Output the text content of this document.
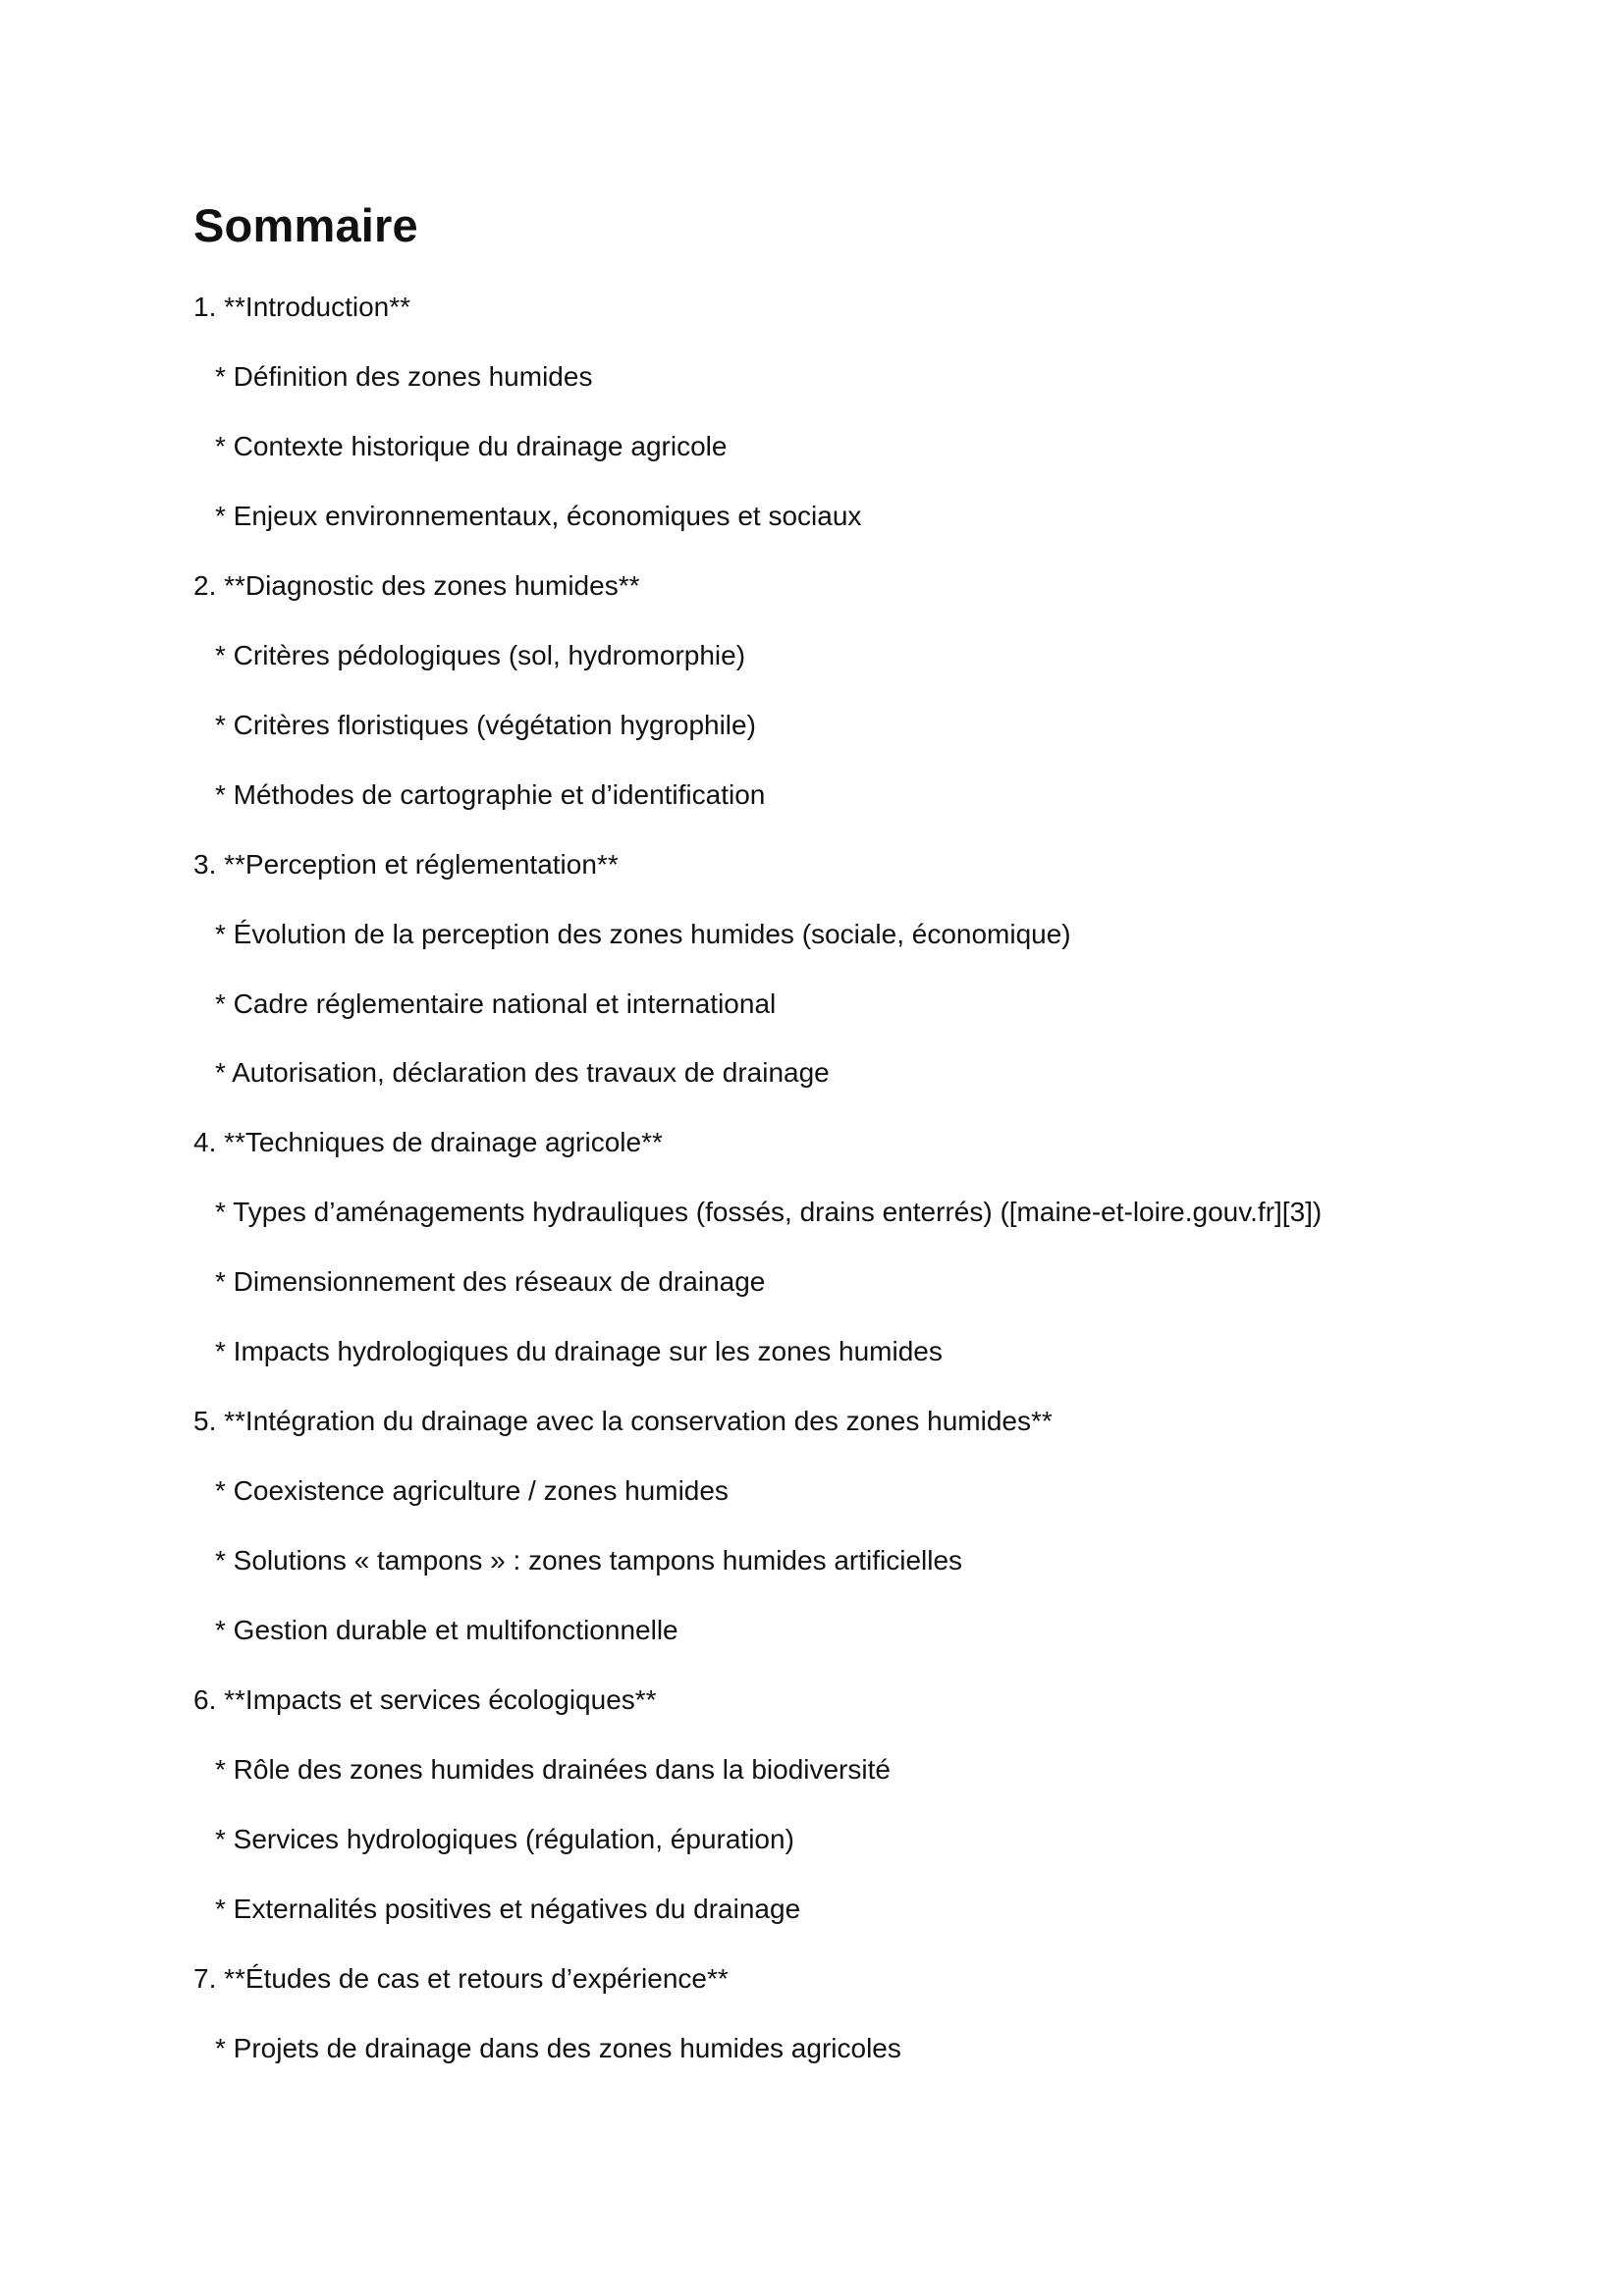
Sommaire
1. **Introduction**
* Définition des zones humides
* Contexte historique du drainage agricole
* Enjeux environnementaux, économiques et sociaux
2. **Diagnostic des zones humides**
* Critères pédologiques (sol, hydromorphie)
* Critères floristiques (végétation hygrophile)
* Méthodes de cartographie et d’identification
3. **Perception et réglementation**
* Évolution de la perception des zones humides (sociale, économique)
* Cadre réglementaire national et international
* Autorisation, déclaration des travaux de drainage
4. **Techniques de drainage agricole**
* Types d’aménagements hydrauliques (fossés, drains enterrés) ([maine-et-loire.gouv.fr][3])
* Dimensionnement des réseaux de drainage
* Impacts hydrologiques du drainage sur les zones humides
5. **Intégration du drainage avec la conservation des zones humides**
* Coexistence agriculture / zones humides
* Solutions « tampons » : zones tampons humides artificielles
* Gestion durable et multifonctionnelle
6. **Impacts et services écologiques**
* Rôle des zones humides drainées dans la biodiversité
* Services hydrologiques (régulation, épuration)
* Externalités positives et négatives du drainage
7. **Études de cas et retours d’expérience**
* Projets de drainage dans des zones humides agricoles
